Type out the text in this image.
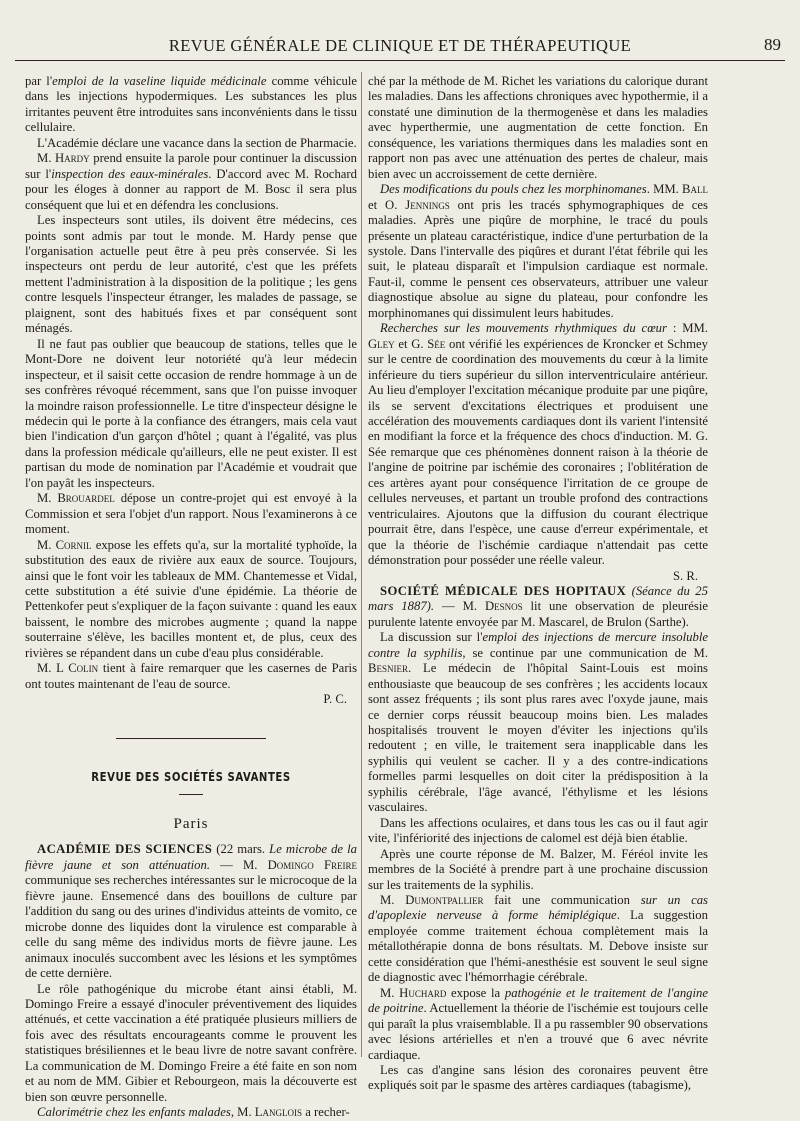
REVUE GÉNÉRALE DE CLINIQUE ET DE THÉRAPEUTIQUE	89

par l'emploi de la vaseline liquide médicinale comme véhicule dans les injections hypodermiques. Les substances les plus irritantes peuvent être introduites sans inconvénients dans le tissu cellulaire.

L'Académie déclare une vacance dans la section de Pharmacie.

M. Hardy prend ensuite la parole pour continuer la discussion sur l'inspection des eaux-minérales. D'accord avec M. Rochard pour les éloges à donner au rapport de M. Bosc il sera plus conséquent que lui et en défendra les conclusions.

Les inspecteurs sont utiles, ils doivent être médecins, ces points sont admis par tout le monde. M. Hardy pense que l'organisation actuelle peut être à peu près conservée. Si les inspecteurs ont perdu de leur autorité, c'est que les préfets mettent l'administration à la disposition de la politique ; les gens contre lesquels l'inspecteur étranger, les malades de passage, se plaignent, sont des habitués fixes et par conséquent sont ménagés.

Il ne faut pas oublier que beaucoup de stations, telles que le Mont-Dore ne doivent leur notoriété qu'à leur médecin inspecteur, et il saisit cette occasion de rendre hommage à un de ses confrères révoqué récemment, sans que l'on puisse invoquer la moindre raison professionnelle. Le titre d'inspecteur désigne le médecin qui le porte à la confiance des étrangers, mais cela vaut bien l'indication d'un garçon d'hôtel ; quant à l'égalité, vas plus dans la profession médicale qu'ailleurs, elle ne peut exister. Il est partisan du mode de nomination par l'Académie et voudrait que l'on payât les inspecteurs.

M. Brouardel dépose un contre-projet qui est envoyé à la Commission et sera l'objet d'un rapport. Nous l'examinerons à ce moment.

M. Cornil expose les effets qu'a, sur la mortalité typhoïde, la substitution des eaux de rivière aux eaux de source. Toujours, ainsi que le font voir les tableaux de MM. Chantemesse et Vidal, cette substitution a été suivie d'une épidémie. La théorie de Pettenkofer peut s'expliquer de la façon suivante : quand les eaux baissent, le nombre des microbes augmente ; quand la nappe souterraine s'élève, les bacilles montent et, de plus, ceux des rivières se répandent dans un cube d'eau plus considérable.

M. L Colin tient à faire remarquer que les casernes de Paris ont toutes maintenant de l'eau de source.

P. C.
REVUE DES SOCIÉTÉS SAVANTES
Paris

ACADÉMIE DES SCIENCES (22 mars. Le microbe de la fièvre jaune et son atténuation. — M. Domingo Freire communique ses recherches intéressantes sur le microcoque de la fièvre jaune. Ensemencé dans des bouillons de culture par l'addition du sang ou des urines d'individus atteints de vomito, ce microbe donne des liquides dont la virulence est comparable à celle du sang même des individus morts de fièvre jaune. Les animaux inoculés succombent avec les lésions et les symptômes de cette dernière.

Le rôle pathogénique du microbe étant ainsi établi, M. Domingo Freire a essayé d'inoculer préventivement des liquides atténués, et cette vaccination a été pratiquée plusieurs milliers de fois avec des résultats encourageants comme le prouvent les statistiques brésiliennes et le beau livre de notre savant confrère. La communication de M. Domingo Freire a été faite en son nom et au nom de MM. Gibier et Rebourgeon, mais la découverte est bien son œuvre personnelle.

Calorimétrie chez les enfants malades, M. Langlois a recher-

ché par la méthode de M. Richet les variations du calorique durant les maladies. Dans les affections chroniques avec hypothermie, il a constaté une diminution de la thermogenèse et dans les maladies avec hyperthermie, une augmentation de cette fonction. En conséquence, les variations thermiques dans les maladies sont en rapport non pas avec une atténuation des pertes de chaleur, mais bien avec un accroissement de cette dernière.

Des modifications du pouls chez les morphinomanes. MM. Ball et O. Jennings ont pris les tracés sphymographiques de ces maladies. Après une piqûre de morphine, le tracé du pouls présente un plateau caractéristique, indice d'une perturbation de la systole. Dans l'intervalle des piqûres et durant l'état fébrile qui les suit, le plateau disparaît et l'impulsion cardiaque est normale. Faut-il, comme le pensent ces observateurs, attribuer une valeur diagnostique absolue au signe du plateau, pour confondre les morphinomanes qui dissimulent leurs habitudes.

Recherches sur les mouvements rhythmiques du cœur : MM. Gley et G. Sée ont vérifié les expériences de Kroncker et Schmey sur le centre de coordination des mouvements du cœur à la limite inférieure du tiers supérieur du sillon interventriculaire antérieur. Au lieu d'employer l'excitation mécanique produite par une piqûre, ils se servent d'excitations électriques et produisent une accélération des mouvements cardiaques dont ils varient l'intensité en modifiant la force et la fréquence des chocs d'induction. M. G. Sée remarque que ces phénomènes donnent raison à la théorie de l'angine de poitrine par ischémie des coronaires ; l'oblitération de ces artères ayant pour conséquence l'irritation de ce groupe de cellules nerveuses, et partant un trouble profond des contractions ventriculaires. Ajoutons que la diffusion du courant électrique pourrait être, dans l'espèce, une cause d'erreur expérimentale, et que la théorie de l'ischémie cardiaque n'attendait pas cette démonstration pour posséder une réelle valeur.

S. R.

SOCIÉTÉ MÉDICALE DES HOPITAUX (Séance du 25 mars 1887). — M. Desnos lit une observation de pleurésie purulente latente envoyée par M. Mascarel, de Brulon (Sarthe).

La discussion sur l'emploi des injections de mercure insoluble contre la syphilis, se continue par une communication de M. Besnier. Le médecin de l'hôpital Saint-Louis est moins enthousiaste que beaucoup de ses confrères ; les accidents locaux sont assez fréquents ; ils sont plus rares avec l'oxyde jaune, mais ce dernier corps réussit beaucoup moins bien. Les malades hospitalisés trouvent le moyen d'éviter les injections qu'ils redoutent ; en ville, le traitement sera inapplicable dans les syphilis qui veulent se cacher. Il y a des contre-indications formelles parmi lesquelles on doit citer la prédisposition à la syphilis cérébrale, l'âge avancé, l'éthylisme et les lésions vasculaires.

Dans les affections oculaires, et dans tous les cas ou il faut agir vite, l'infériorité des injections de calomel est déjà bien établie.

Après une courte réponse de M. Balzer, M. Féréol invite les membres de la Société à prendre part à une prochaine discussion sur les traitements de la syphilis.

M. Dumontpallier fait une communication sur un cas d'apoplexie nerveuse à forme hémiplégique. La suggestion employée comme traitement échoua complètement mais la métallothérapie donna de bons résultats. M. Debove insiste sur cette considération que l'hémi-anesthésie est souvent le seul signe de diagnostic avec l'hémorrhagie cérébrale.

M. Huchard expose la pathogénie et le traitement de l'angine de poitrine. Actuellement la théorie de l'ischémie est toujours celle qui paraît la plus vraisemblable. Il a pu rassembler 90 observations avec lésions artérielles et n'en a trouvé que 6 avec névrite cardiaque.

Les cas d'angine sans lésion des coronaires peuvent être expliqués soit par le spasme des artères cardiaques (tabagisme),
